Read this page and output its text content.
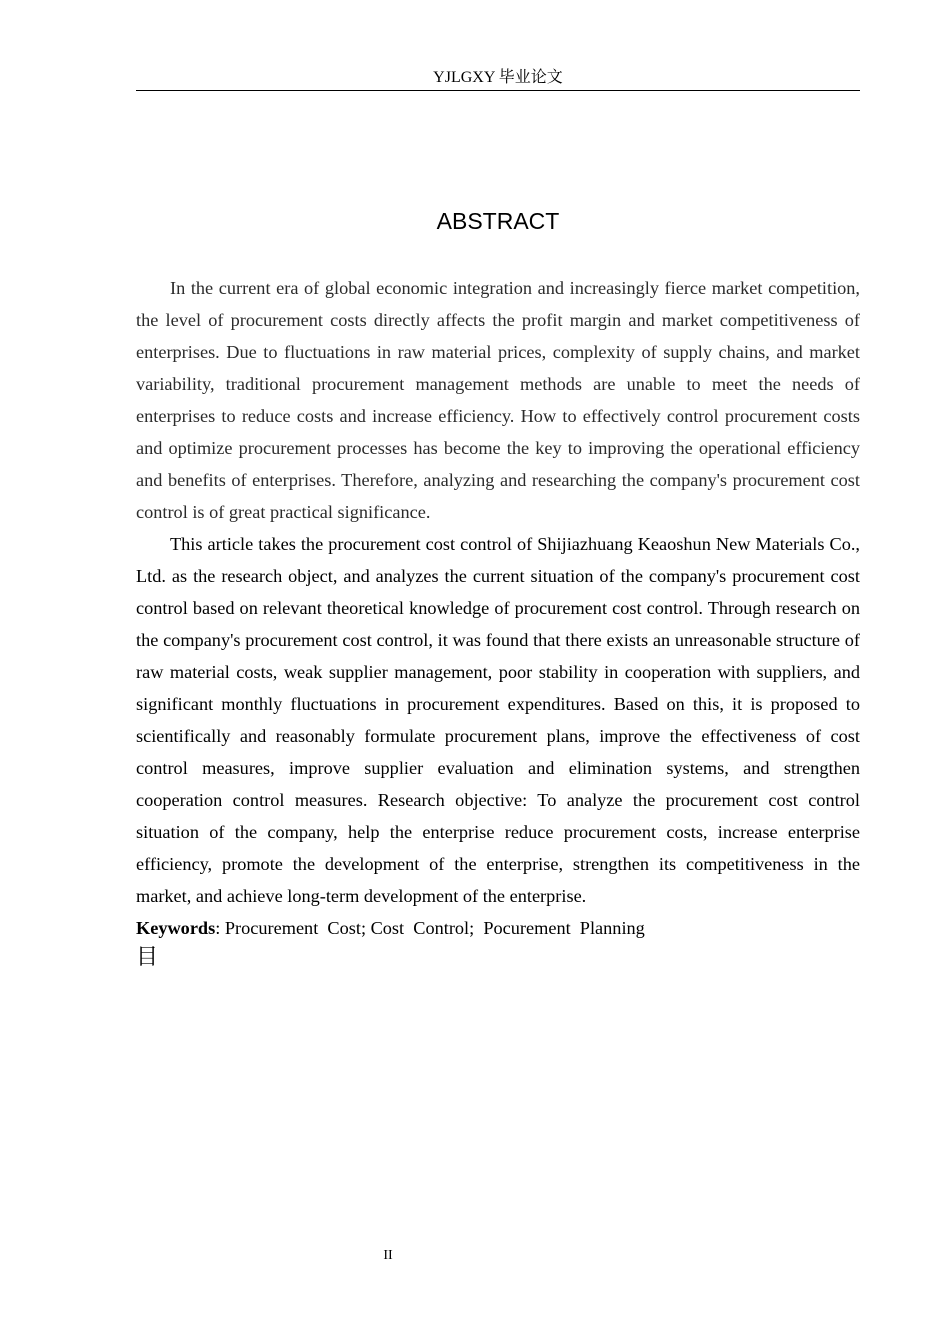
YJLGXY 毕业论文
ABSTRACT

In the current era of global economic integration and increasingly fierce market competition, the level of procurement costs directly affects the profit margin and market competitiveness of enterprises. Due to fluctuations in raw material prices, complexity of supply chains, and market variability, traditional procurement management methods are unable to meet the needs of enterprises to reduce costs and increase efficiency. How to effectively control procurement costs and optimize procurement processes has become the key to improving the operational efficiency and benefits of enterprises. Therefore, analyzing and researching the company's procurement cost control is of great practical significance.

This article takes the procurement cost control of Shijiazhuang Keaoshun New Materials Co., Ltd. as the research object, and analyzes the current situation of the company's procurement cost control based on relevant theoretical knowledge of procurement cost control. Through research on the company's procurement cost control, it was found that there exists an unreasonable structure of raw material costs, weak supplier management, poor stability in cooperation with suppliers, and significant monthly fluctuations in procurement expenditures. Based on this, it is proposed to scientifically and reasonably formulate procurement plans, improve the effectiveness of cost control measures, improve supplier evaluation and elimination systems, and strengthen cooperation control measures. Research objective: To analyze the procurement cost control situation of the company, help the enterprise reduce procurement costs, increase enterprise efficiency, promote the development of the enterprise, strengthen its competitiveness in the market, and achieve long-term development of the enterprise.

Keywords: Procurement  Cost; Cost  Control;  Pocurement  Planning

目

II
